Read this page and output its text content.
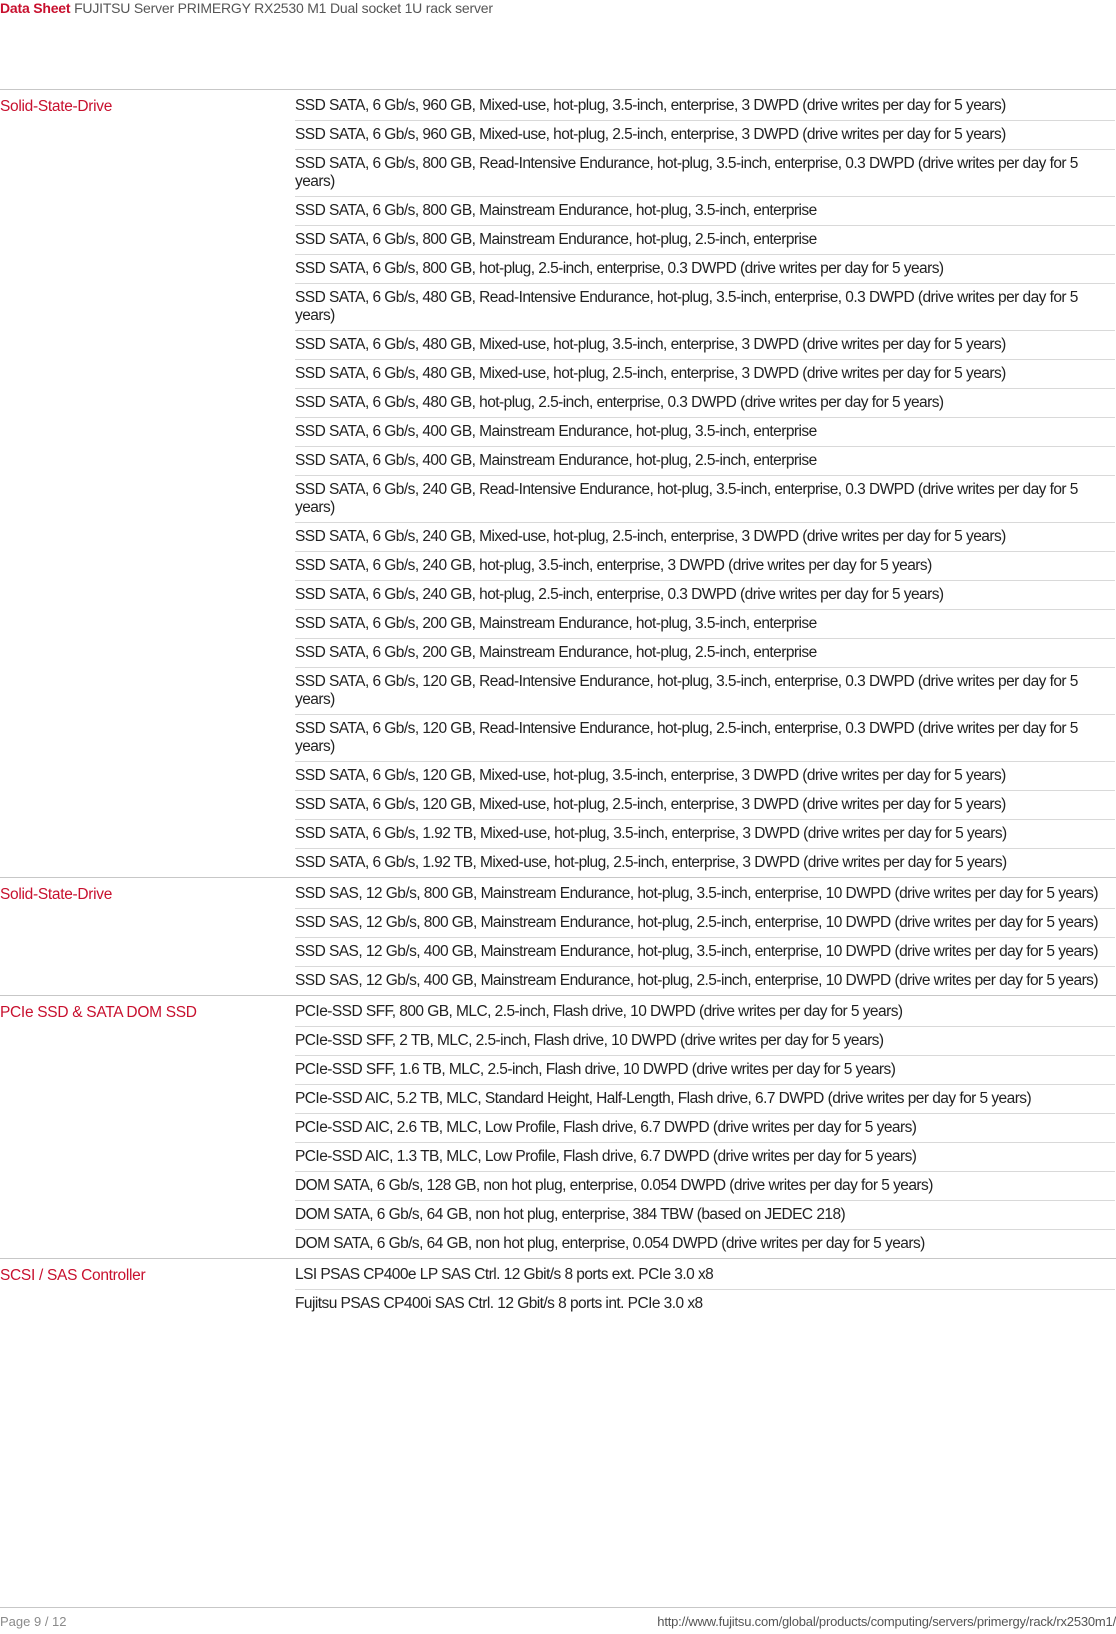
Data Sheet FUJITSU Server PRIMERGY RX2530 M1 Dual socket 1U rack server
Solid-State-Drive	SSD SATA, 6 Gb/s, 960 GB, Mixed-use, hot-plug, 3.5-inch, enterprise, 3 DWPD (drive writes per day for 5 years)
SSD SATA, 6 Gb/s, 960 GB, Mixed-use, hot-plug, 2.5-inch, enterprise, 3 DWPD (drive writes per day for 5 years)
SSD SATA, 6 Gb/s, 800 GB, Read-Intensive Endurance, hot-plug, 3.5-inch, enterprise, 0.3 DWPD (drive writes per day for 5 years)
SSD SATA, 6 Gb/s, 800 GB, Mainstream Endurance, hot-plug, 3.5-inch, enterprise
SSD SATA, 6 Gb/s, 800 GB, Mainstream Endurance, hot-plug, 2.5-inch, enterprise
SSD SATA, 6 Gb/s, 800 GB, hot-plug, 2.5-inch, enterprise, 0.3 DWPD (drive writes per day for 5 years)
SSD SATA, 6 Gb/s, 480 GB, Read-Intensive Endurance, hot-plug, 3.5-inch, enterprise, 0.3 DWPD (drive writes per day for 5 years)
SSD SATA, 6 Gb/s, 480 GB, Mixed-use, hot-plug, 3.5-inch, enterprise, 3 DWPD (drive writes per day for 5 years)
SSD SATA, 6 Gb/s, 480 GB, Mixed-use, hot-plug, 2.5-inch, enterprise, 3 DWPD (drive writes per day for 5 years)
SSD SATA, 6 Gb/s, 480 GB, hot-plug, 2.5-inch, enterprise, 0.3 DWPD (drive writes per day for 5 years)
SSD SATA, 6 Gb/s, 400 GB, Mainstream Endurance, hot-plug, 3.5-inch, enterprise
SSD SATA, 6 Gb/s, 400 GB, Mainstream Endurance, hot-plug, 2.5-inch, enterprise
SSD SATA, 6 Gb/s, 240 GB, Read-Intensive Endurance, hot-plug, 3.5-inch, enterprise, 0.3 DWPD (drive writes per day for 5 years)
SSD SATA, 6 Gb/s, 240 GB, Mixed-use, hot-plug, 2.5-inch, enterprise, 3 DWPD (drive writes per day for 5 years)
SSD SATA, 6 Gb/s, 240 GB, hot-plug, 3.5-inch, enterprise, 3 DWPD (drive writes per day for 5 years)
SSD SATA, 6 Gb/s, 240 GB, hot-plug, 2.5-inch, enterprise, 0.3 DWPD (drive writes per day for 5 years)
SSD SATA, 6 Gb/s, 200 GB, Mainstream Endurance, hot-plug, 3.5-inch, enterprise
SSD SATA, 6 Gb/s, 200 GB, Mainstream Endurance, hot-plug, 2.5-inch, enterprise
SSD SATA, 6 Gb/s, 120 GB, Read-Intensive Endurance, hot-plug, 3.5-inch, enterprise, 0.3 DWPD (drive writes per day for 5 years)
SSD SATA, 6 Gb/s, 120 GB, Read-Intensive Endurance, hot-plug, 2.5-inch, enterprise, 0.3 DWPD (drive writes per day for 5 years)
SSD SATA, 6 Gb/s, 120 GB, Mixed-use, hot-plug, 3.5-inch, enterprise, 3 DWPD (drive writes per day for 5 years)
SSD SATA, 6 Gb/s, 120 GB, Mixed-use, hot-plug, 2.5-inch, enterprise, 3 DWPD (drive writes per day for 5 years)
SSD SATA, 6 Gb/s, 1.92 TB, Mixed-use, hot-plug, 3.5-inch, enterprise, 3 DWPD (drive writes per day for 5 years)
SSD SATA, 6 Gb/s, 1.92 TB, Mixed-use, hot-plug, 2.5-inch, enterprise, 3 DWPD (drive writes per day for 5 years)
Solid-State-Drive	SSD SAS, 12 Gb/s, 800 GB, Mainstream Endurance, hot-plug, 3.5-inch, enterprise, 10 DWPD (drive writes per day for 5 years)
SSD SAS, 12 Gb/s, 800 GB, Mainstream Endurance, hot-plug, 2.5-inch, enterprise, 10 DWPD (drive writes per day for 5 years)
SSD SAS, 12 Gb/s, 400 GB, Mainstream Endurance, hot-plug, 3.5-inch, enterprise, 10 DWPD (drive writes per day for 5 years)
SSD SAS, 12 Gb/s, 400 GB, Mainstream Endurance, hot-plug, 2.5-inch, enterprise, 10 DWPD (drive writes per day for 5 years)
PCIe SSD & SATA DOM SSD	PCIe-SSD SFF, 800 GB, MLC, 2.5-inch, Flash drive, 10 DWPD (drive writes per day for 5 years)
PCIe-SSD SFF, 2 TB, MLC, 2.5-inch, Flash drive, 10 DWPD (drive writes per day for 5 years)
PCIe-SSD SFF, 1.6 TB, MLC, 2.5-inch, Flash drive, 10 DWPD (drive writes per day for 5 years)
PCIe-SSD AIC, 5.2 TB, MLC, Standard Height, Half-Length, Flash drive, 6.7 DWPD (drive writes per day for 5 years)
PCIe-SSD AIC, 2.6 TB, MLC, Low Profile, Flash drive, 6.7 DWPD (drive writes per day for 5 years)
PCIe-SSD AIC, 1.3 TB, MLC, Low Profile, Flash drive, 6.7 DWPD (drive writes per day for 5 years)
DOM SATA, 6 Gb/s, 128 GB, non hot plug, enterprise, 0.054 DWPD (drive writes per day for 5 years)
DOM SATA, 6 Gb/s, 64 GB, non hot plug, enterprise, 384 TBW (based on JEDEC 218)
DOM SATA, 6 Gb/s, 64 GB, non hot plug, enterprise, 0.054 DWPD (drive writes per day for 5 years)
SCSI / SAS Controller	LSI PSAS CP400e LP SAS Ctrl. 12 Gbit/s 8 ports ext. PCIe 3.0 x8
Fujitsu PSAS CP400i SAS Ctrl. 12 Gbit/s 8 ports int. PCIe 3.0 x8
Page 9 / 12	http://www.fujitsu.com/global/products/computing/servers/primergy/rack/rx2530m1/
